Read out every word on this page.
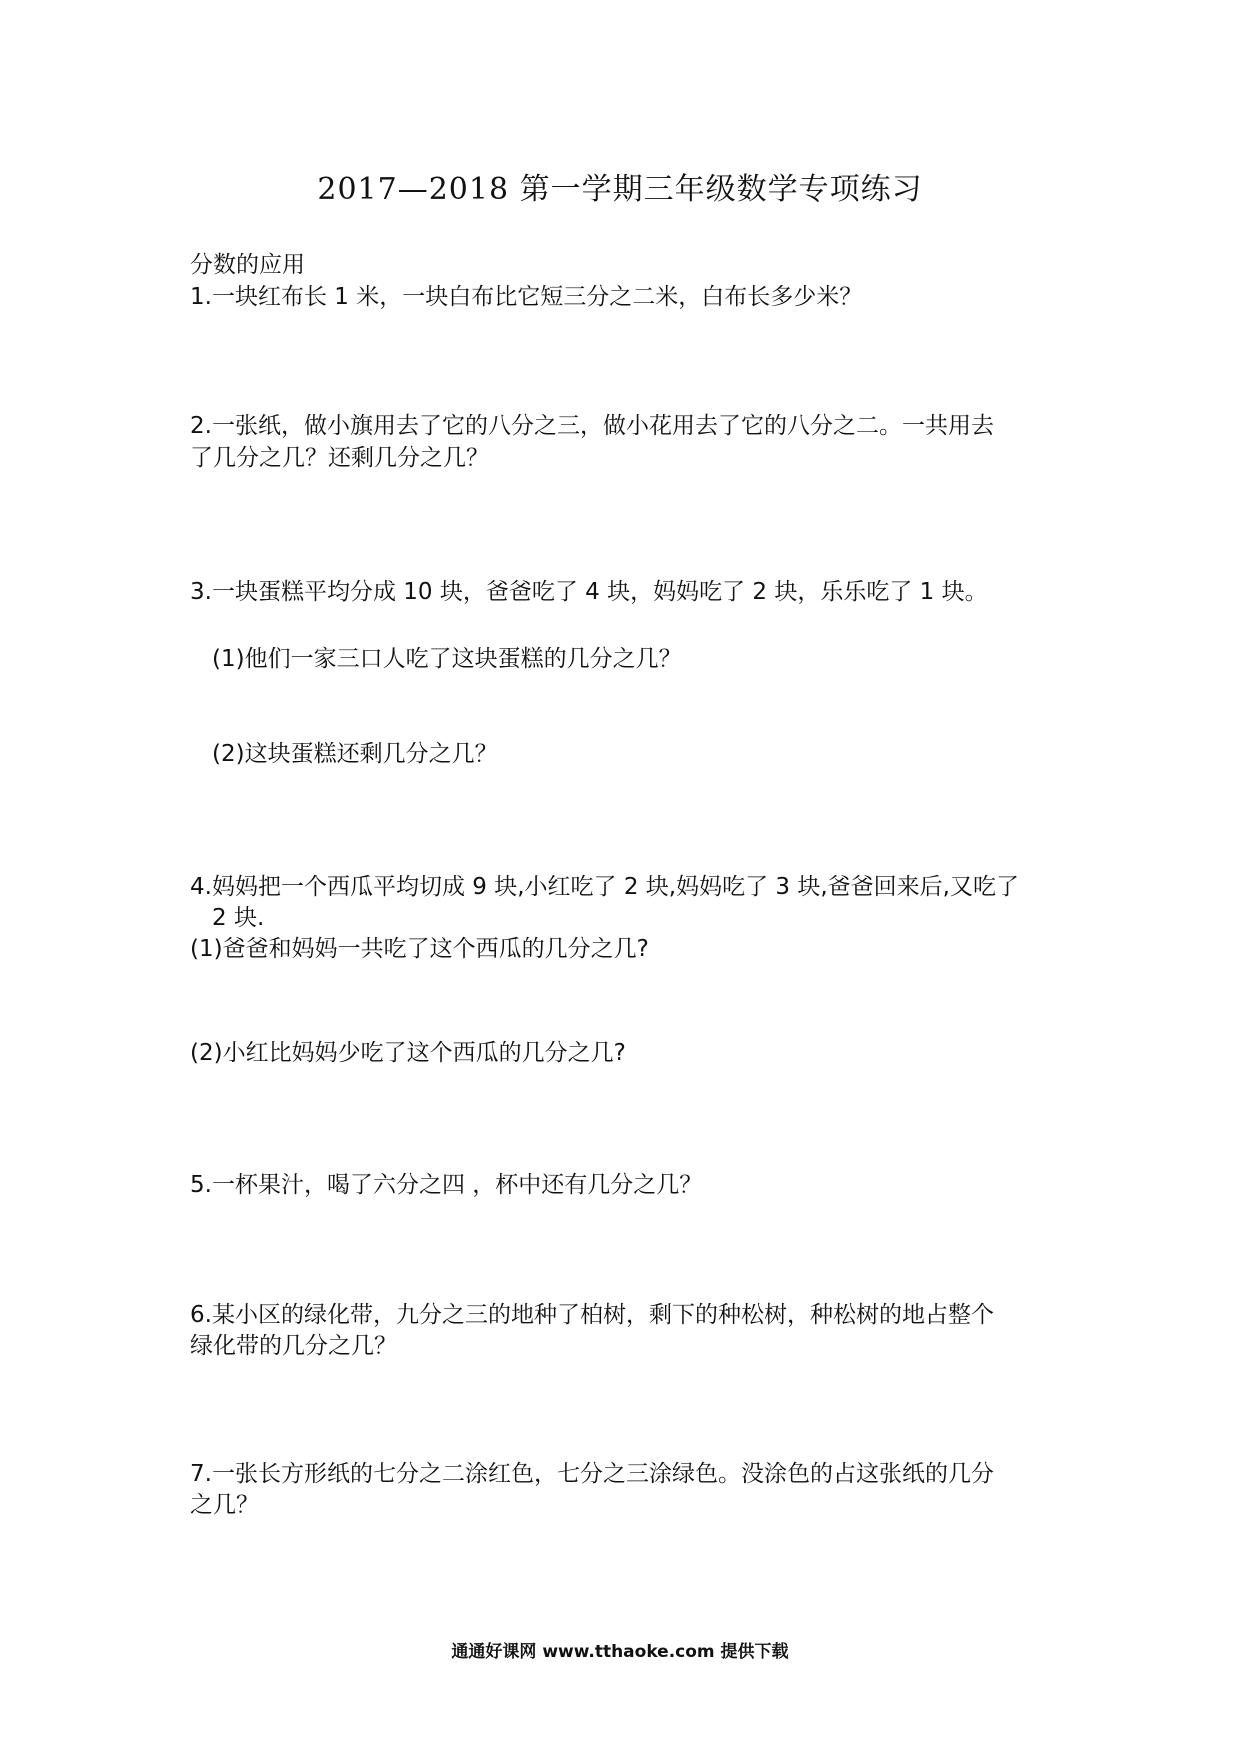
2017—2018 第一学期三年级数学专项练习
分数的应用
1.一块红布长 1 米，一块白布比它短三分之二米，白布长多少米？
2.一张纸，做小旗用去了它的八分之三，做小花用去了它的八分之二。一共用去
了几分之几？还剩几分之几？
3.一块蛋糕平均分成 10 块，爸爸吃了 4 块，妈妈吃了 2 块，乐乐吃了 1 块。
(1)他们一家三口人吃了这块蛋糕的几分之几？
(2)这块蛋糕还剩几分之几？
4.妈妈把一个西瓜平均切成 9 块,小红吃了 2 块,妈妈吃了 3 块,爸爸回来后,又吃了
2 块.
(1)爸爸和妈妈一共吃了这个西瓜的几分之几?
(2)小红比妈妈少吃了这个西瓜的几分之几?
5.一杯果汁，喝了六分之四 ，杯中还有几分之几？
6.某小区的绿化带，九分之三的地种了柏树，剩下的种松树，种松树的地占整个
绿化带的几分之几？
7.一张长方形纸的七分之二涂红色，七分之三涂绿色。没涂色的占这张纸的几分
之几？
通通好课网 www.tthaoke.com 提供下载
